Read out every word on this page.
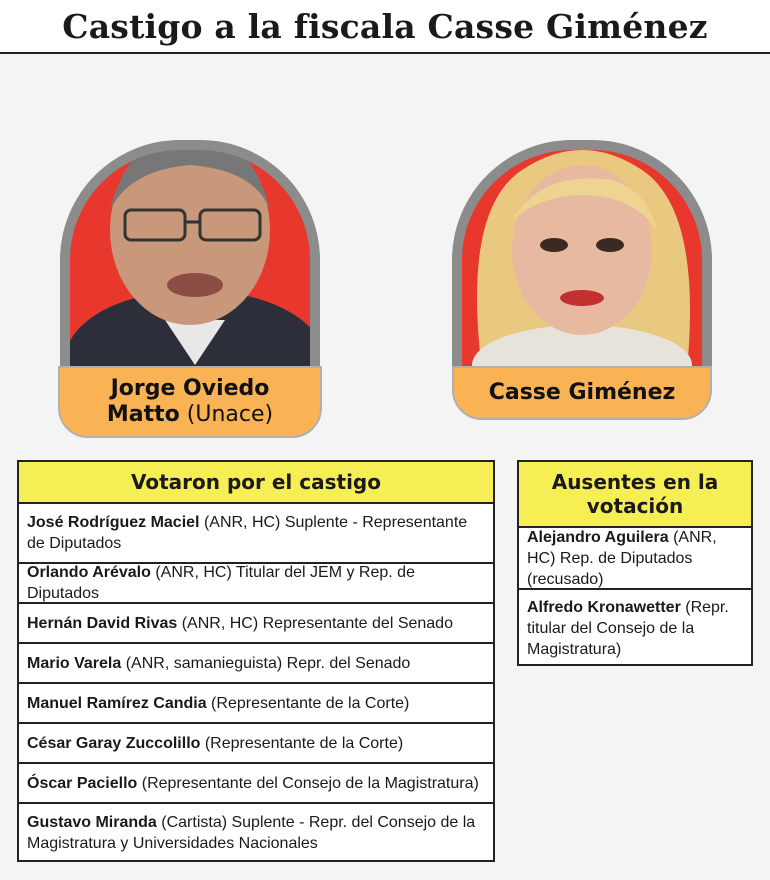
Castigo a la fiscala Casse Giménez
Jorge Oviedo
Matto (Unace)
Casse Giménez
Votaron por el castigo
José Rodríguez Maciel (ANR, HC) Suplente - Representante de Diputados
Orlando Arévalo (ANR, HC) Titular del JEM y Rep. de Diputados
Hernán David Rivas (ANR, HC) Representante del Senado
Mario Varela (ANR, samanieguista) Repr. del Senado
Manuel Ramírez Candia (Representante de la Corte)
César Garay Zuccolillo (Representante de la Corte)
Óscar Paciello (Representante del Consejo de la Magistratura)
Gustavo Miranda (Cartista) Suplente - Repr. del Consejo de la Magistratura y Universidades Nacionales
Ausentes en la votación
Alejandro Aguilera (ANR, HC) Rep. de Diputados (recusado)
Alfredo Kronawetter (Repr. titular del Consejo de la Magistratura)
